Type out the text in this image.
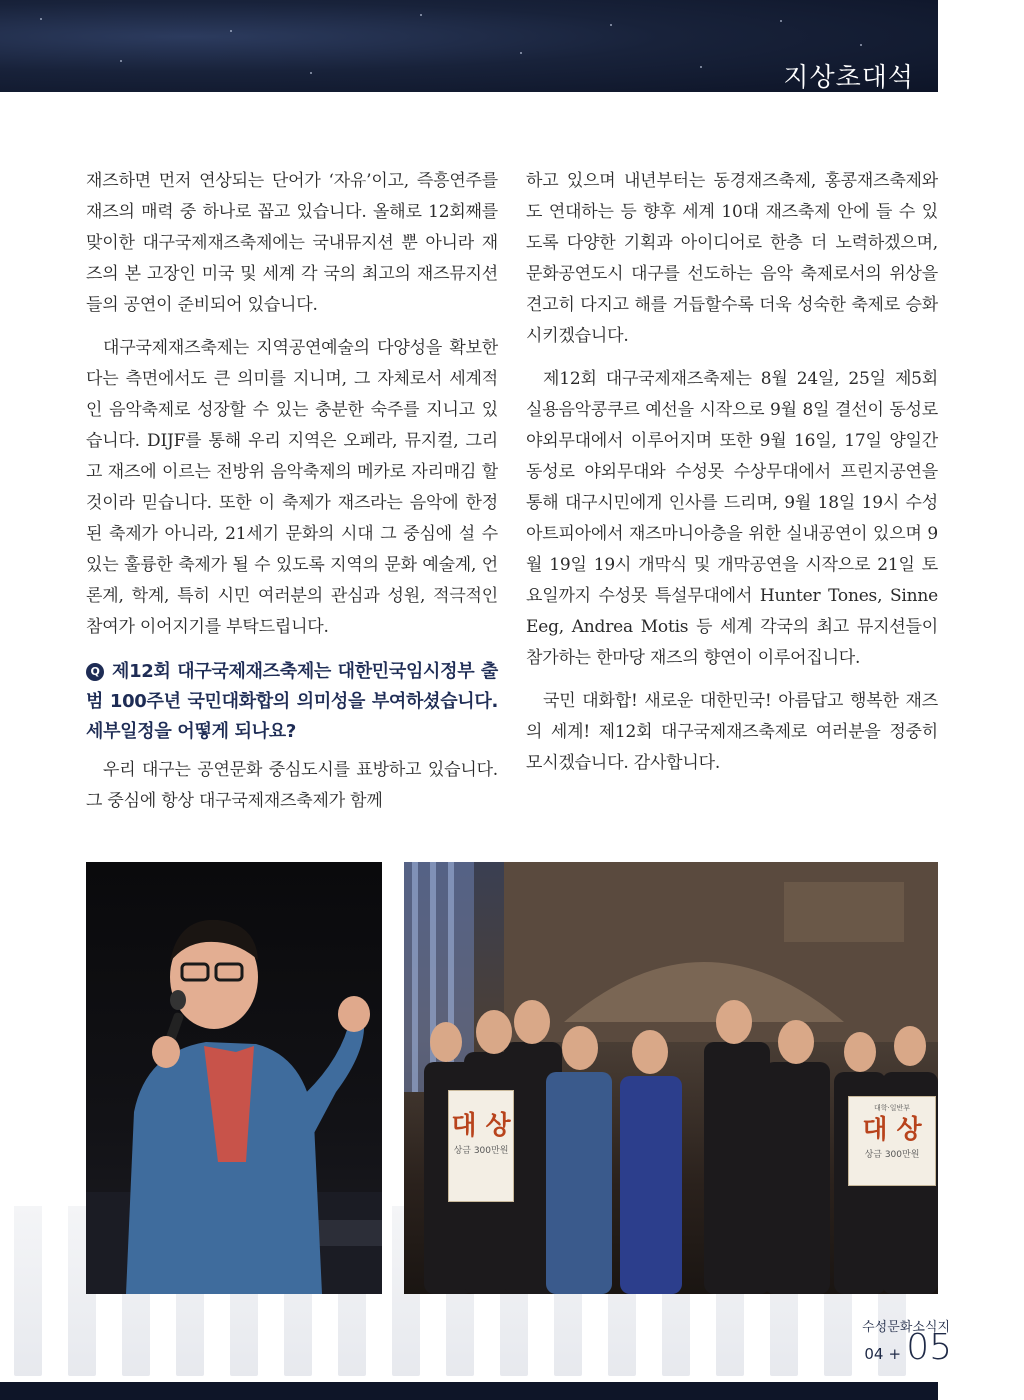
지상초대석

재즈하면 먼저 연상되는 단어가 ‘자유’이고, 즉흥연주를 재즈의 매력 중 하나로 꼽고 있습니다. 올해로 12회째를 맞이한 대구국제재즈축제에는 국내뮤지션 뿐 아니라 재즈의 본 고장인 미국 및 세계 각 국의 최고의 재즈뮤지션들의 공연이 준비되어 있습니다.

대구국제재즈축제는 지역공연예술의 다양성을 확보한다는 측면에서도 큰 의미를 지니며, 그 자체로서 세계적인 음악축제로 성장할 수 있는 충분한 숙주를 지니고 있습니다. DIJF를 통해 우리 지역은 오페라, 뮤지컬, 그리고 재즈에 이르는 전방위 음악축제의 메카로 자리매김 할 것이라 믿습니다. 또한 이 축제가 재즈라는 음악에 한정된 축제가 아니라, 21세기 문화의 시대 그 중심에 설 수 있는 훌륭한 축제가 될 수 있도록 지역의 문화 예술계, 언론계, 학계, 특히 시민 여러분의 관심과 성원, 적극적인 참여가 이어지기를 부탁드립니다.

Q 제12회 대구국제재즈축제는 대한민국임시정부 출범 100주년 국민대화합의 의미성을 부여하셨습니다. 세부일정을 어떻게 되나요?

우리 대구는 공연문화 중심도시를 표방하고 있습니다. 그 중심에 항상 대구국제재즈축제가 함께

하고 있으며 내년부터는 동경재즈축제, 홍콩재즈축제와도 연대하는 등 향후 세계 10대 재즈축제 안에 들 수 있도록 다양한 기획과 아이디어로 한층 더 노력하겠으며, 문화공연도시 대구를 선도하는 음악 축제로서의 위상을 견고히 다지고 해를 거듭할수록 더욱 성숙한 축제로 승화시키겠습니다.

제12회 대구국제재즈축제는 8월 24일, 25일 제5회 실용음악콩쿠르 예선을 시작으로 9월 8일 결선이 동성로 야외무대에서 이루어지며 또한 9월 16일, 17일 양일간 동성로 야외무대와 수성못 수상무대에서 프린지공연을 통해 대구시민에게 인사를 드리며, 9월 18일 19시 수성아트피아에서 재즈마니아층을 위한 실내공연이 있으며 9월 19일 19시 개막식 및 개막공연을 시작으로 21일 토요일까지 수성못 특설무대에서 Hunter Tones, Sinne Eeg, Andrea Motis 등 세계 각국의 최고 뮤지션들이 참가하는 한마당 재즈의 향연이 이루어집니다.

국민 대화합! 새로운 대한민국! 아름답고 행복한 재즈의 세계! 제12회 대구국제재즈축제로 여러분을 정중히 모시겠습니다. 감사합니다.

대 상
상금 300만원
대학·일반부
대 상
상금 300만원
수성문화소식지
04 + 05
